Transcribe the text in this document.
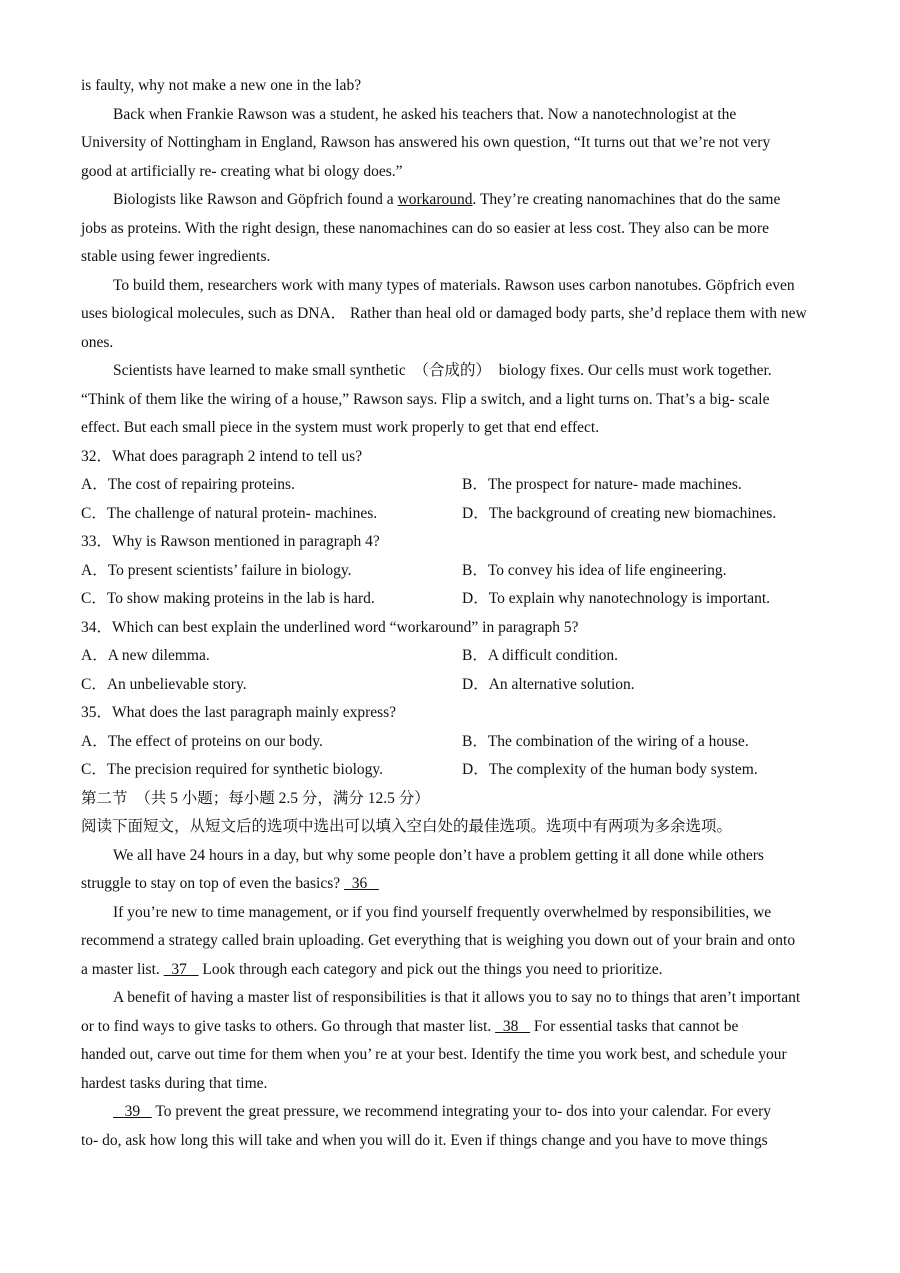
is faulty, why not make a new one in the lab?
Back when Frankie Rawson was a student, he asked his teachers that. Now a nanotechnologist at the
University of Nottingham in England, Rawson has answered his own question, “It turns out that we’re not very
good at artificially re- creating what bi ology does.”
Biologists like Rawson and Göpfrich found a workaround. They’re creating nanomachines that do the same
jobs as proteins. With the right design, these nanomachines can do so easier at less cost. They also can be more
stable using fewer ingredients.
To build them, researchers work with many types of materials. Rawson uses carbon nanotubes. Göpfrich even
uses biological molecules, such as DNA． Rather than heal old or damaged body parts, she’d replace them with new
ones.
Scientists have learned to make small synthetic  （合成的）  biology fixes. Our cells must work together.
“Think of them like the wiring of a house,” Rawson says. Flip a switch, and a light turns on. That’s a big- scale
effect. But each small piece in the system must work properly to get that end effect.
32．What does paragraph 2 intend to tell us?
A．The cost of repairing proteins.	B．The prospect for nature- made machines.
C．The challenge of natural protein- machines.	D．The background of creating new biomachines.
33．Why is Rawson mentioned in paragraph 4?
A．To present scientists’ failure in biology.	B．To convey his idea of life engineering.
C．To show making proteins in the lab is hard.	D．To explain why nanotechnology is important.
34．Which can best explain the underlined word “workaround” in paragraph 5?
A．A new dilemma.	B．A difficult condition.
C．An unbelievable story.	D．An alternative solution.
35．What does the last paragraph mainly express?
A．The effect of proteins on our body.	B．The combination of the wiring of a house.
C．The precision required for synthetic biology.	D．The complexity of the human body system.
第二节  （共 5 小题；每小题 2.5 分，满分 12.5 分）
阅读下面短文，从短文后的选项中选出可以填入空白处的最佳选项。选项中有两项为多余选项。
We all have 24 hours in a day, but why some people don’t have a problem getting it all done while others
struggle to stay on top of even the basics?   36
If you’re new to time management, or if you find yourself frequently overwhelmed by responsibilities, we
recommend a strategy called brain uploading. Get everything that is weighing you down out of your brain and onto
a master list.   37    Look through each category and pick out the things you need to prioritize.
A benefit of having a master list of responsibilities is that it allows you to say no to things that aren’t important
or to find ways to give tasks to others. Go through that master list.   38    For essential tasks that cannot be
handed out, carve out time for them when you’ re at your best. Identify the time you work best, and schedule your
hardest tasks during that time.
39    To prevent the great pressure, we recommend integrating your to- dos into your calendar. For every
to- do, ask how long this will take and when you will do it. Even if things change and you have to move things
